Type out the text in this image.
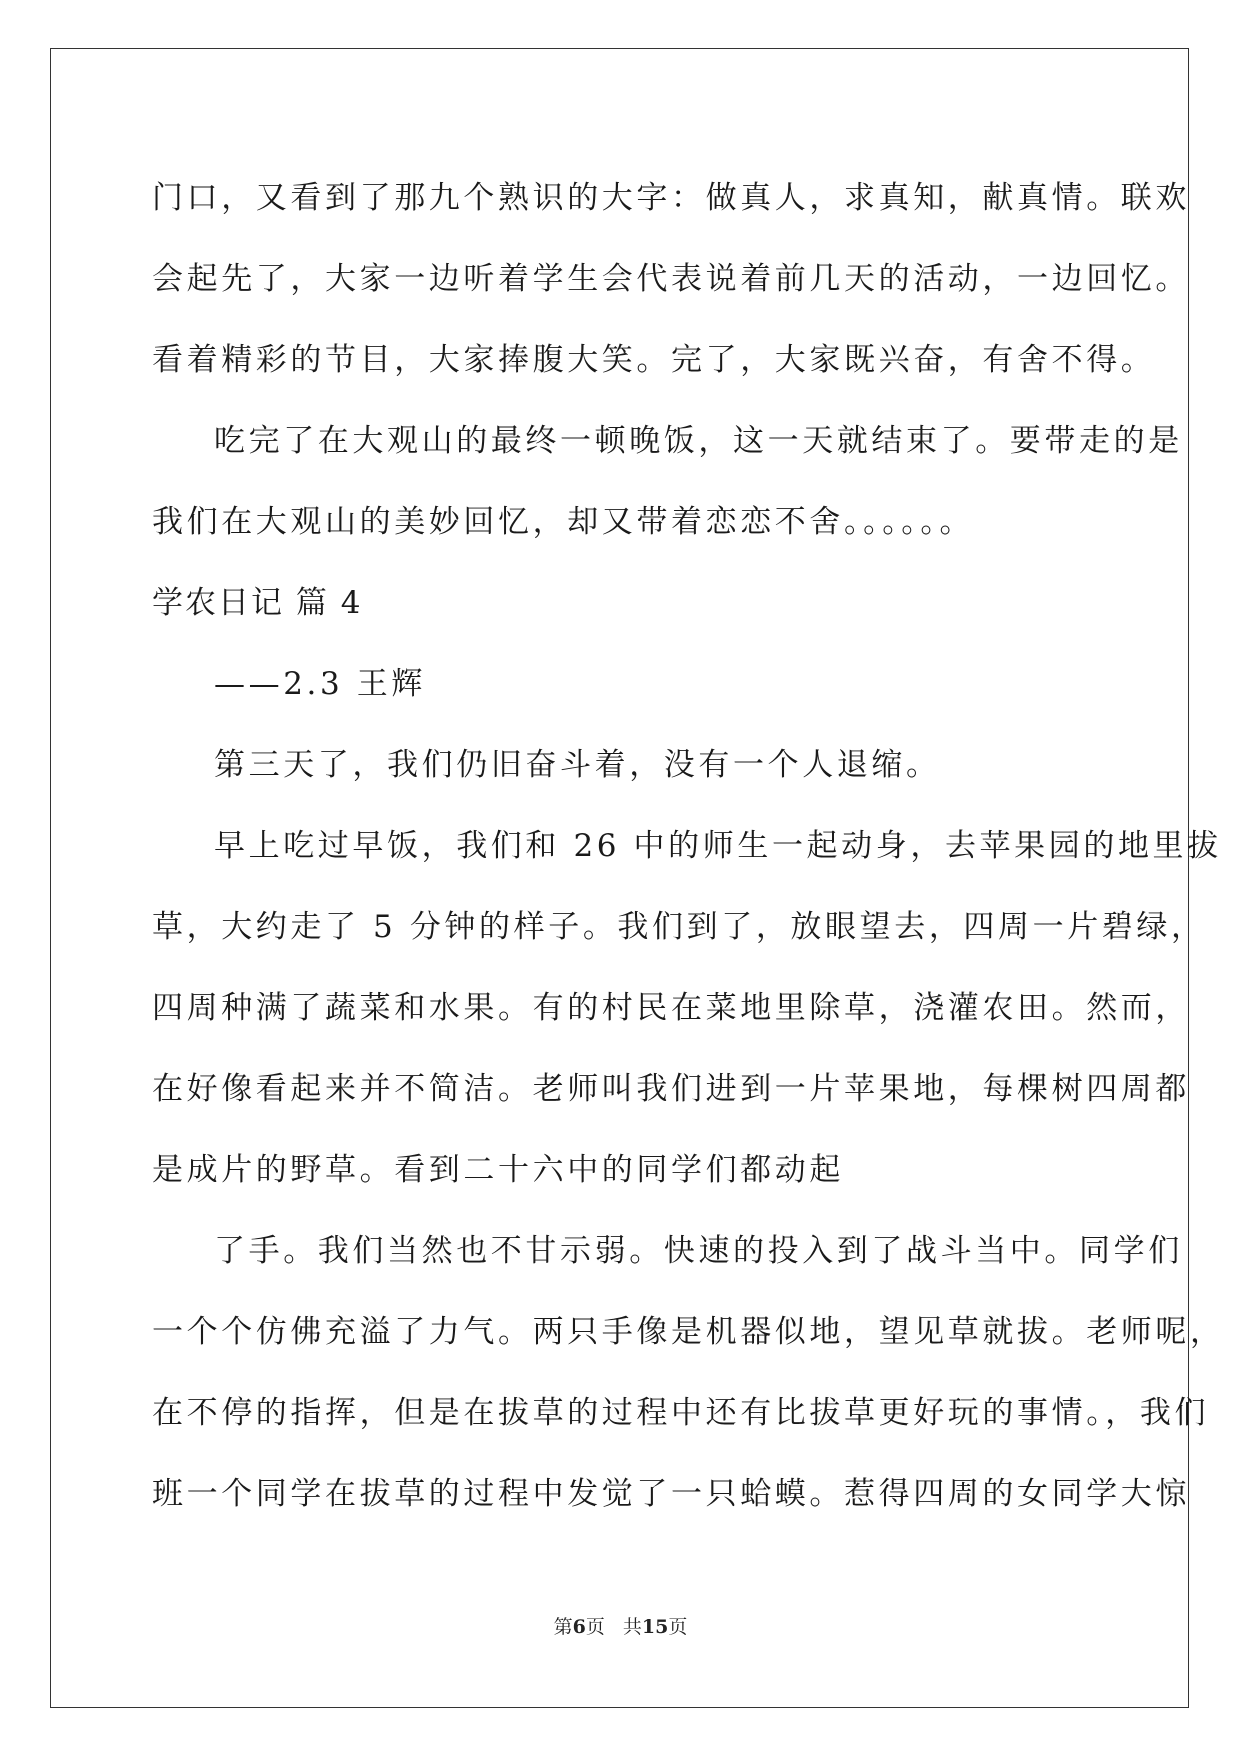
门口，又看到了那九个熟识的大字：做真人，求真知，献真情。联欢
会起先了，大家一边听着学生会代表说着前几天的活动，一边回忆。
看着精彩的节目，大家捧腹大笑。完了，大家既兴奋，有舍不得。
吃完了在大观山的最终一顿晚饭，这一天就结束了。要带走的是
我们在大观山的美妙回忆，却又带着恋恋不舍。。。。。。
学农日记 篇 4
——2.3 王辉
第三天了，我们仍旧奋斗着，没有一个人退缩。
早上吃过早饭，我们和 26 中的师生一起动身，去苹果园的地里拔
草，大约走了 5 分钟的样子。我们到了，放眼望去，四周一片碧绿，
四周种满了蔬菜和水果。有的村民在菜地里除草，浇灌农田。然而，
在好像看起来并不简洁。老师叫我们进到一片苹果地，每棵树四周都
是成片的野草。看到二十六中的同学们都动起
了手。我们当然也不甘示弱。快速的投入到了战斗当中。同学们
一个个仿佛充溢了力气。两只手像是机器似地，望见草就拔。老师呢，
在不停的指挥，但是在拔草的过程中还有比拔草更好玩的事情。，我们
班一个同学在拔草的过程中发觉了一只蛤蟆。惹得四周的女同学大惊
第6页 共15页
